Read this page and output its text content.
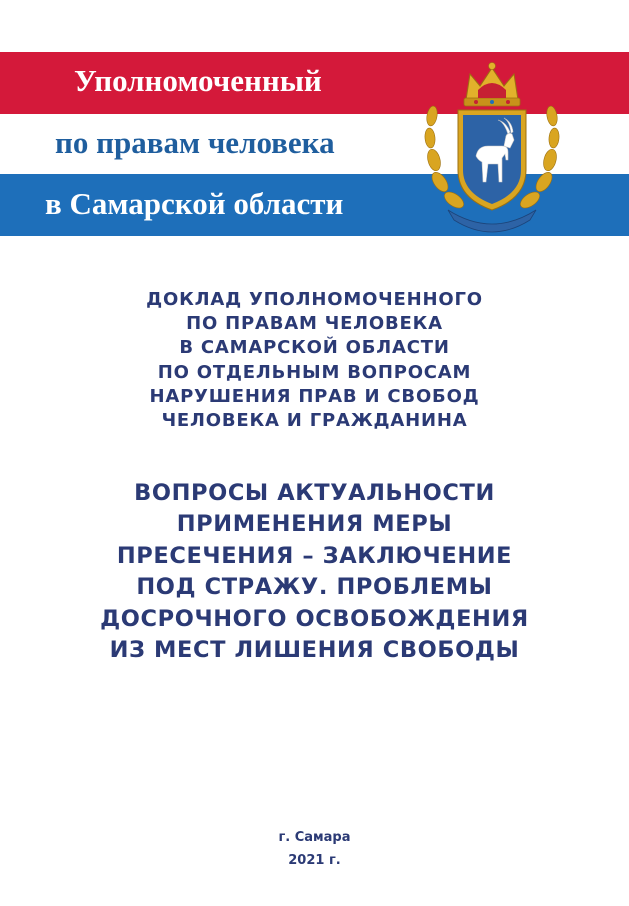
Уполномоченный
по правам человека
в Самарской области
ДОКЛАД УПОЛНОМОЧЕННОГО
ПО ПРАВАМ ЧЕЛОВЕКА
В САМАРСКОЙ ОБЛАСТИ
ПО ОТДЕЛЬНЫМ ВОПРОСАМ
НАРУШЕНИЯ ПРАВ И СВОБОД
ЧЕЛОВЕКА И ГРАЖДАНИНА
ВОПРОСЫ АКТУАЛЬНОСТИ
ПРИМЕНЕНИЯ МЕРЫ
ПРЕСЕЧЕНИЯ – ЗАКЛЮЧЕНИЕ
ПОД СТРАЖУ. ПРОБЛЕМЫ
ДОСРОЧНОГО ОСВОБОЖДЕНИЯ
ИЗ МЕСТ ЛИШЕНИЯ СВОБОДЫ
г. Самара
2021 г.
